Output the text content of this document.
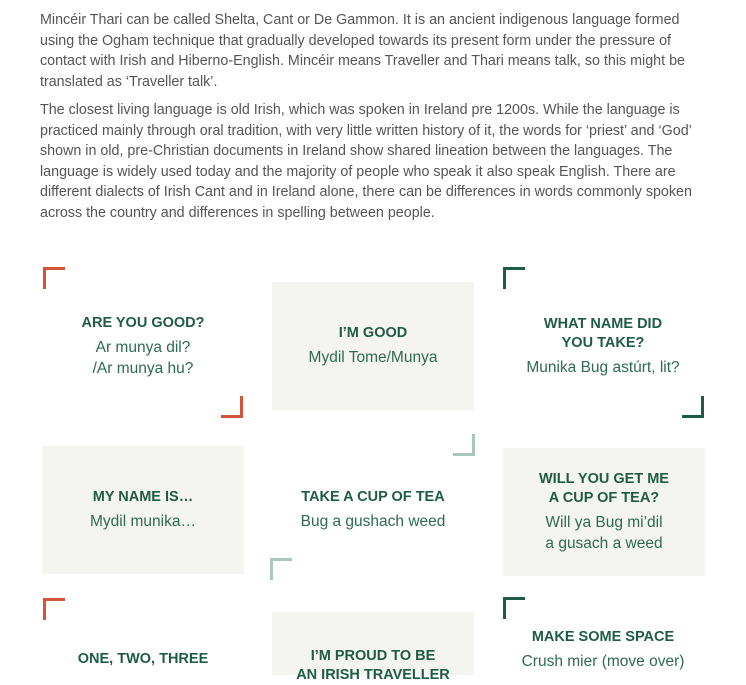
Mincéir Thari can be called Shelta, Cant or De Gammon. It is an ancient indigenous language formed using the Ogham technique that gradually developed towards its present form under the pressure of contact with Irish and Hiberno-English. Mincéir means Traveller and Thari means talk, so this might be translated as ‘Traveller talk’.

The closest living language is old Irish, which was spoken in Ireland pre 1200s. While the language is practiced mainly through oral tradition, with very little written history of it, the words for ‘priest’ and ‘God’ shown in old, pre-Christian documents in Ireland show shared lineation between the languages. The language is widely used today and the majority of people who speak it also speak English. There are different dialects of Irish Cant and in Ireland alone, there can be differences in words commonly spoken across the country and differences in spelling between people.

ARE YOU GOOD?
Ar munya dil?
/Ar munya hu?
I’M GOOD
Mydil Tome/Munya
WHAT NAME DID
YOU TAKE?
Munika Bug astúrt, lit?
MY NAME IS…
Mydil munika…
TAKE A CUP OF TEA
Bug a gushach weed
WILL YOU GET ME
A CUP OF TEA?
Will ya Bug mi’dil
a gusach a weed
ONE, TWO, THREE	I’M PROUD TO BE
AN IRISH TRAVELLER
MAKE SOME SPACE
Crush mier (move over)
